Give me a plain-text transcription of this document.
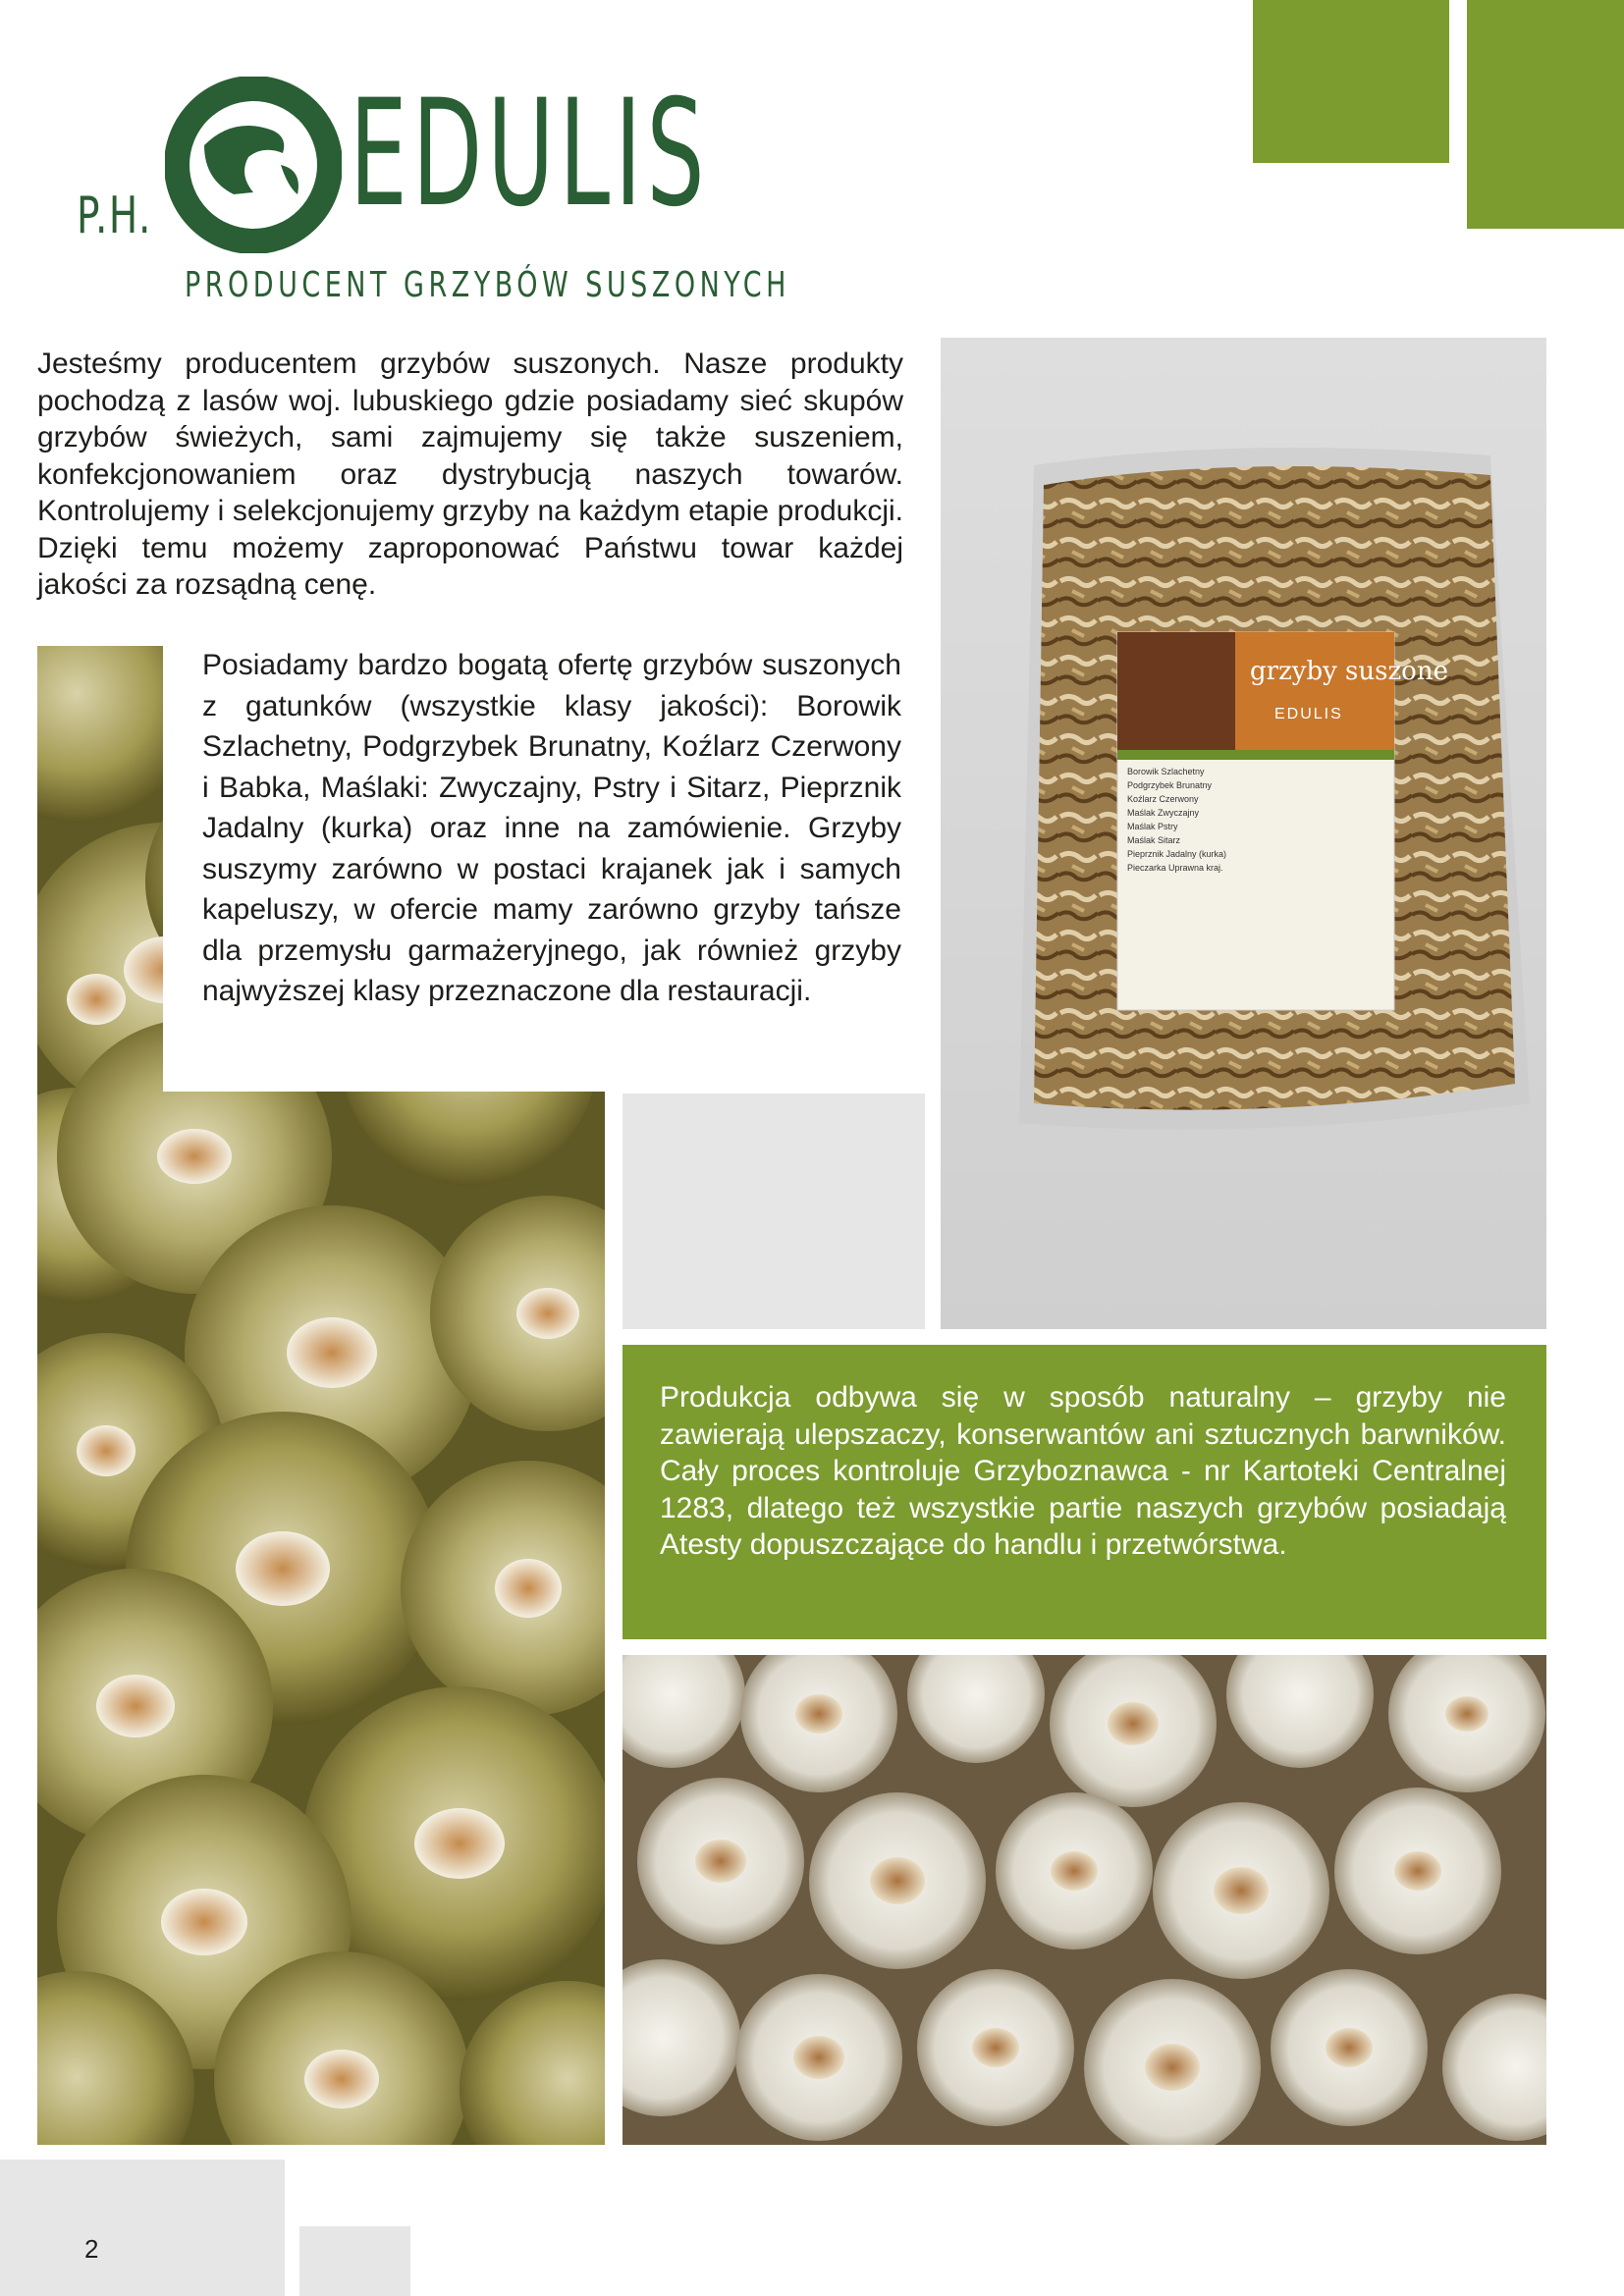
P.H. EDULIS
PRODUCENT GRZYBÓW SUSZONYCH
Jesteśmy producentem grzybów suszonych. Nasze produkty pochodzą z lasów woj. lubuskiego gdzie posiadamy sieć skupów grzybów świeżych, sami zajmujemy się także suszeniem, konfekcjonowaniem oraz dystrybucją naszych towarów. Kontrolujemy i selekcjonujemy grzyby na każdym etapie produkcji. Dzięki temu możemy zaproponować Państwu towar każdej jakości za rozsądną cenę.
Posiadamy bardzo bogatą ofertę grzybów suszonych z gatunków (wszystkie klasy jakości): Borowik Szlachetny, Podgrzybek Brunatny, Koźlarz Czerwony i Babka, Maślaki: Zwyczajny, Pstry i Sitarz, Pieprznik Jadalny (kurka) oraz inne na zamówienie. Grzyby suszymy zarówno w postaci krajanek jak i samych kapeluszy, w ofercie mamy zarówno grzyby tańsze dla przemysłu garmażeryjnego, jak również grzyby najwyższej klasy przeznaczone dla restauracji.
grzyby suszone
EDULIS
Borowik Szlachetny
Podgrzybek Brunatny
Koźlarz Czerwony
Maślak Zwyczajny
Maślak Pstry
Maślak Sitarz
Pieprznik Jadalny (kurka)
Pieczarka Uprawna kraj.
Produkcja odbywa się w sposób naturalny – grzyby nie zawierają ulepszaczy, konserwantów ani sztucznych barwników. Cały proces kontroluje Grzyboznawca - nr Kartoteki Centralnej 1283, dlatego też wszystkie partie naszych grzybów posiadają Atesty dopuszczające do handlu i przetwórstwa.
2
